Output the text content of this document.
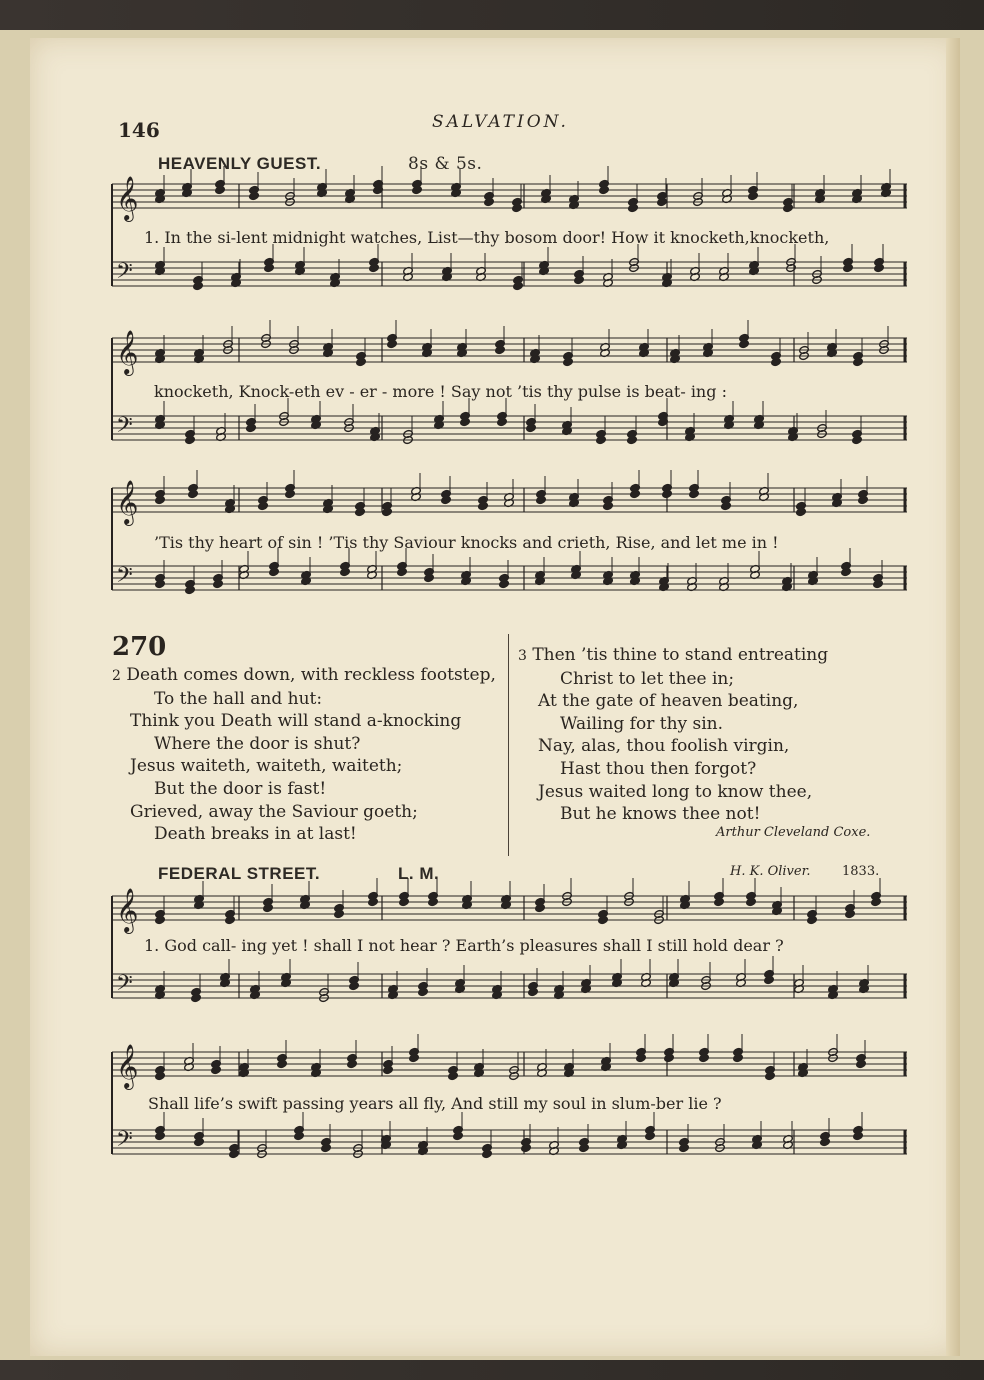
146	SALVATION.
HEAVENLY GUEST.	8s & 5s.
𝄞
𝄢
1. In the si-lent midnight watches, List—thy bosom door! How it knocketh,knocketh,
𝄞
𝄢
knocketh, Knock-eth ev - er - more ! Say not ’tis thy pulse is beat- ing :
𝄞
𝄢
’Tis thy heart of sin ! ’Tis thy Saviour knocks and crieth, Rise, and let me in !
270
2 Death comes down, with reckless footstep,
To the hall and hut:
Think you Death will stand a-knocking
Where the door is shut?
Jesus waiteth, waiteth, waiteth;
But the door is fast!
Grieved, away the Saviour goeth;
Death breaks in at last!
3 Then ’tis thine to stand entreating
Christ to let thee in;
At the gate of heaven beating,
Wailing for thy sin.
Nay, alas, thou foolish virgin,
Hast thou then forgot?
Jesus waited long to know thee,
But he knows thee not!
Arthur Cleveland Coxe.
FEDERAL STREET.	L. M.	H. K. Oliver. 1833.
𝄞
𝄢
1. God call- ing yet ! shall I not hear ? Earth’s pleasures shall I still hold dear ?
𝄞
𝄢
Shall life’s swift passing years all fly, And still my soul in slum-ber lie ?
